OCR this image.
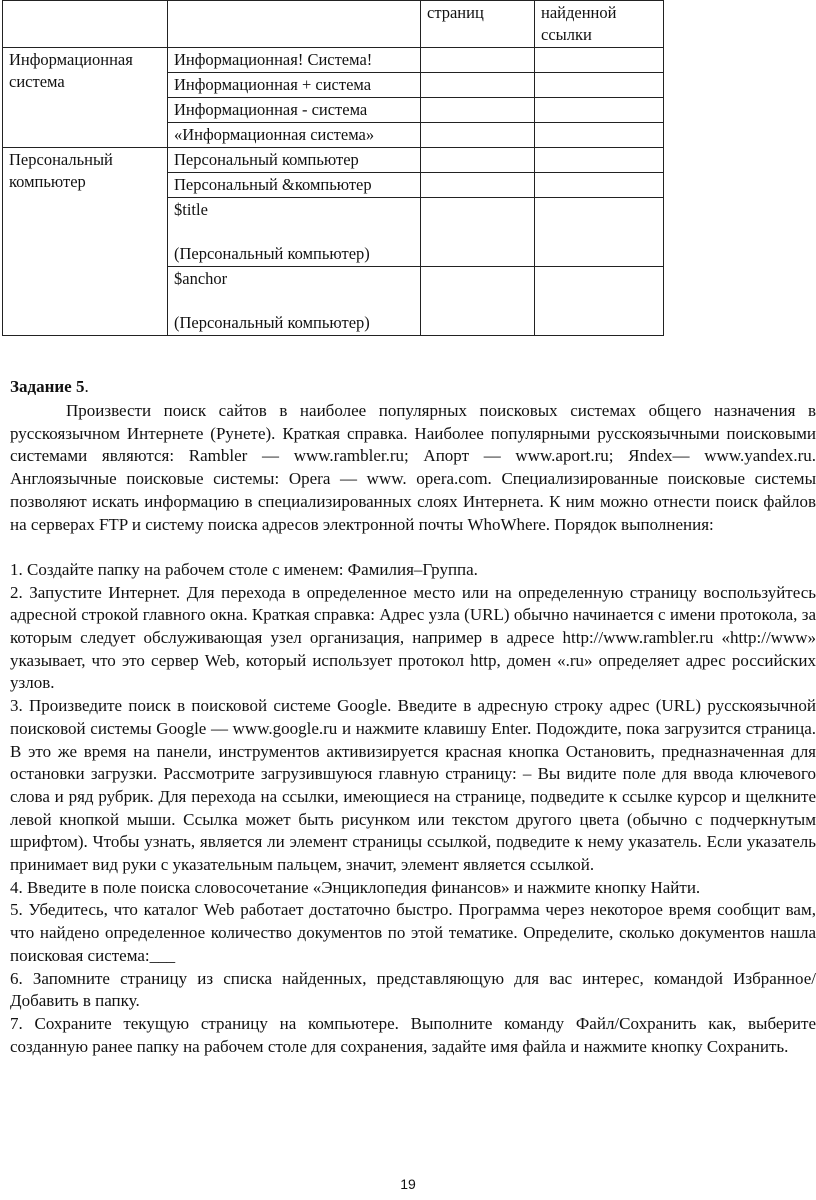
		страниц	найденной ссылки
Информационная система	Информационная! Система!		
	Информационная + система		
	Информационная - система		
	«Информационная система»		
Персональный компьютер	Персональный компьютер		
	Персональный &компьютер		

	$title
(Персональный компьютер)		

	$anchor
(Персональный компьютер)		

Задание 5.

Произвести поиск сайтов в наиболее популярных поисковых системах общего назначения в русскоязычном Интернете (Рунете). Краткая справка. Наиболее популярными русскоязычными поисковыми системами являются: Rambler — www.rambler.ru; Апорт — www.aport.ru; Яndex— www.yandex.ru. Англоязычные поисковые системы: Opera — www. opera.com. Специализированные поисковые системы позволяют искать информацию в специализированных слоях Интернета. К ним можно отнести поиск файлов на серверах FTP и систему поиска адресов электронной почты WhoWhere. Порядок выполнения:

1. Создайте папку на рабочем столе с именем: Фамилия–Группа.

2. Запустите Интернет. Для перехода в определенное место или на определенную страницу воспользуйтесь адресной строкой главного окна. Краткая справка: Адрес узла (URL) обычно начинается с имени протокола, за которым следует обслуживающая узел организация, например в адресе http://www.rambler.ru «http://www» указывает, что это сервер Web, который использует протокол http, домен «.ru» определяет адрес российских узлов.

3. Произведите поиск в поисковой системе Google. Введите в адресную строку адрес (URL) русскоязычной поисковой системы Google — www.google.ru и нажмите клавишу Enter. Подождите, пока загрузится страница. В это же время на панели, инструментов активизируется красная кнопка Остановить, предназначенная для остановки загрузки. Рассмотрите загрузившуюся главную страницу: – Вы видите поле для ввода ключевого слова и ряд рубрик. Для перехода на ссылки, имеющиеся на странице, подведите к ссылке курсор и щелкните левой кнопкой мыши. Ссылка может быть рисунком или текстом другого цвета (обычно с подчеркнутым шрифтом). Чтобы узнать, является ли элемент страницы ссылкой, подведите к нему указатель. Если указатель принимает вид руки с указательным пальцем, значит, элемент является ссылкой.

4. Введите в поле поиска словосочетание «Энциклопедия финансов» и нажмите кнопку Найти.

5. Убедитесь, что каталог Web работает достаточно быстро. Программа через некоторое время сообщит вам, что найдено определенное количество документов по этой тематике. Определите, сколько документов нашла поисковая система:___

6. Запомните страницу из списка найденных, представляющую для вас интерес, командой Избранное/Добавить в папку.

7. Сохраните текущую страницу на компьютере. Выполните команду Файл/Сохранить как, выберите созданную ранее папку на рабочем столе для сохранения, задайте имя файла и нажмите кнопку Сохранить.

19
